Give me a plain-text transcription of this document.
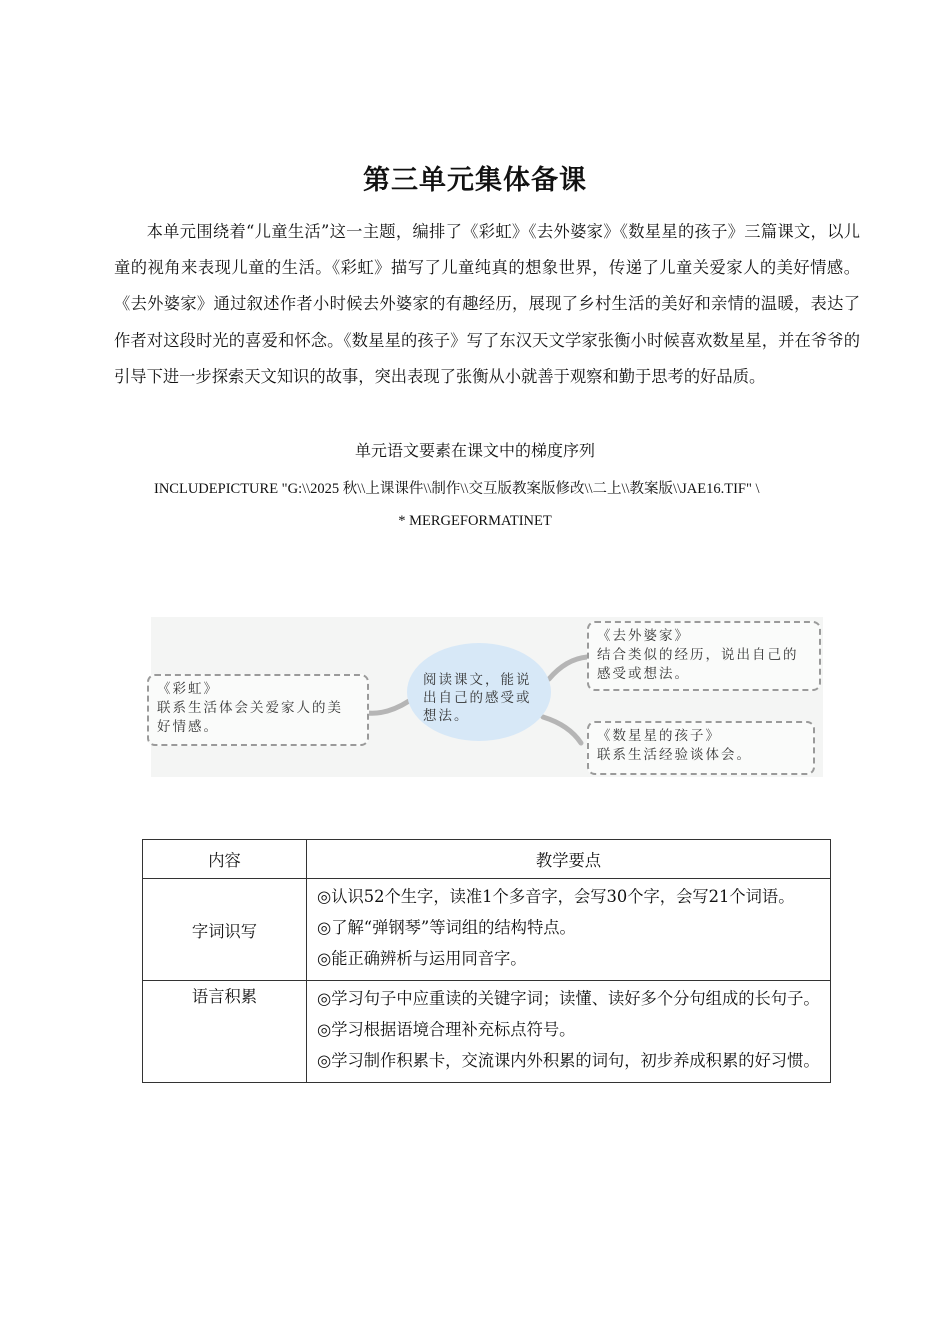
第三单元集体备课

本单元围绕着“儿童生活”这一主题，编排了《彩虹》《去外婆家》《数星星的孩子》三篇课文，以儿童的视角来表现儿童的生活。《彩虹》描写了儿童纯真的想象世界，传递了儿童关爱家人的美好情感。《去外婆家》通过叙述作者小时候去外婆家的有趣经历，展现了乡村生活的美好和亲情的温暖，表达了作者对这段时光的喜爱和怀念。《数星星的孩子》写了东汉天文学家张衡小时候喜欢数星星，并在爷爷的引导下进一步探索天文知识的故事，突出表现了张衡从小就善于观察和勤于思考的好品质。

单元语文要素在课文中的梯度序列
INCLUDEPICTURE "G:\\2025 秋\\上课课件\\制作\\交互版教案版修改\\二上\\教案版\\JAE16.TIF" \
* MERGEFORMATINET
阅读课文，能说
出自己的感受或
想法。
《彩虹》
联系生活体会关爱家人的美
好情感。
《去外婆家》
结合类似的经历，说出自己的
感受或想法。
《数星星的孩子》
联系生活经验谈体会。
内容	教学要点
字词识写	◎认识52个生字，读准1个多音字，会写30个字，会写21个词语。

◎了解“弹钢琴”等词组的结构特点。

◎能正确辨析与运用同音字。

语言积累	◎学习句子中应重读的关键字词；读懂、读好多个分句组成的长句子。

◎学习根据语境合理补充标点符号。

◎学习制作积累卡，交流课内外积累的词句，初步养成积累的好习惯。
